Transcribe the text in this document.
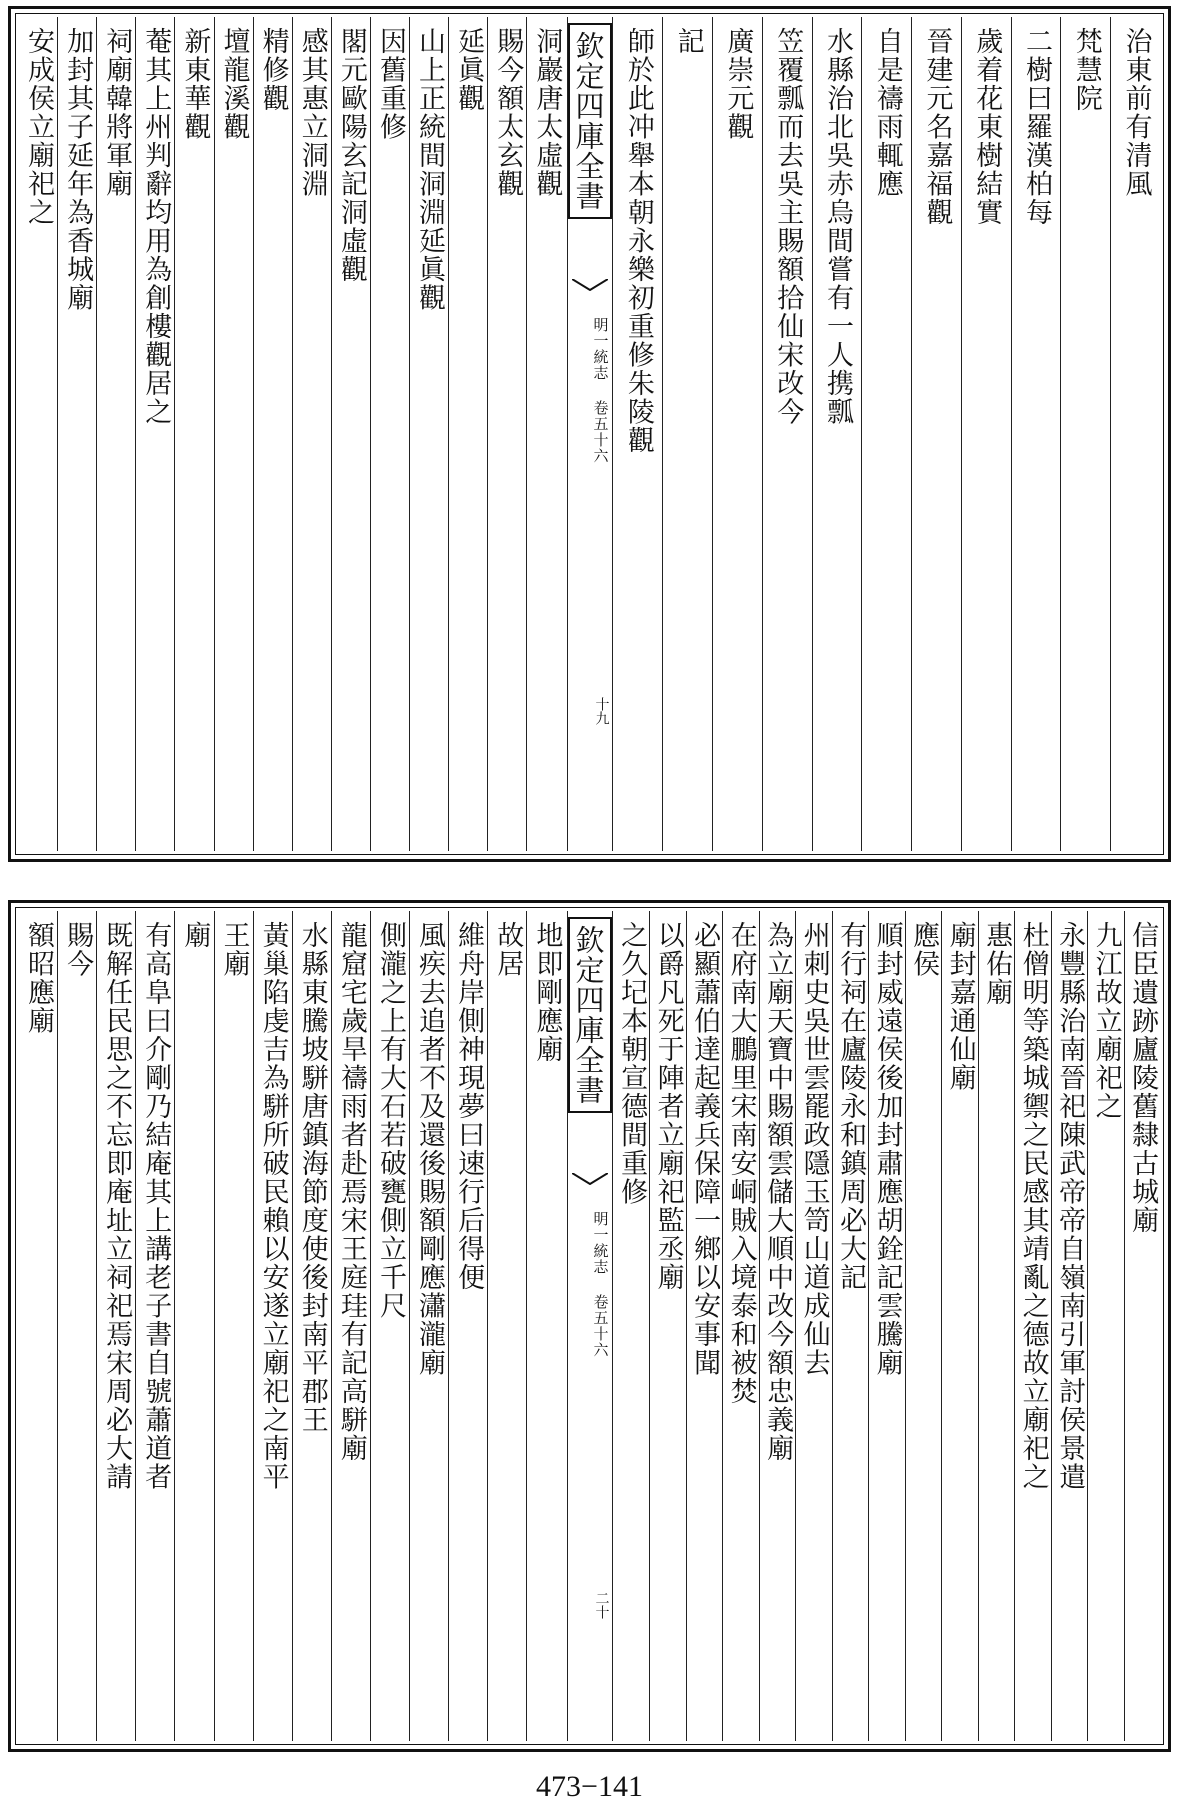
治東前有清風
梵慧院
二樹曰羅漢柏每
歲着花東樹結實
晉建元名嘉福觀
自是禱雨輒應
水縣治北吳赤烏間嘗有一人携瓢
笠覆瓢而去吳主賜額拾仙宋改今
廣崇元觀
記
師於此冲舉本朝永樂初重修朱陵觀
欽定四庫全書
明一統志 卷五十六
十九
洞巖唐太虛觀
賜今額太玄觀
延眞觀
山上正統間洞淵延眞觀
因舊重修
閣元歐陽玄記洞虛觀
感其惠立洞淵
精修觀
壇龍溪觀
新東華觀
菴其上州判辭均用為創樓觀居之
祠廟韓將軍廟
加封其子延年為香城廟
安成侯立廟祀之
信臣遺跡廬陵舊隸古城廟
九江故立廟祀之
永豐縣治南晉祀陳武帝帝自嶺南引軍討侯景遣
杜僧明等築城禦之民感其靖亂之德故立廟祀之
惠佑廟
廟封嘉通仙廟
應侯
順封威遠侯後加封肅應胡銓記雲騰廟
有行祠在廬陵永和鎮周必大記
州刺史吳世雲罷政隱玉笥山道成仙去
為立廟天寶中賜額雲儲大順中改今額忠義廟
在府南大鵬里宋南安峒賊入境泰和被焚
必顯蕭伯達起義兵保障一鄉以安事聞
以爵凡死于陣者立廟祀監丞廟
之久圮本朝宣德間重修
欽定四庫全書
明一統志 卷五十六
二十
地即剛應廟
故居
維舟岸側神現夢曰速行后得便
風疾去追者不及還後賜額剛應瀟瀧廟
側瀧之上有大石若破甕側立千尺
龍窟宅歲旱禱雨者赴焉宋王庭珪有記高駢廟
水縣東騰坡駢唐鎮海節度使後封南平郡王
黃巢陷虔吉為駢所破民賴以安遂立廟祀之南平
王廟
廟
有高阜曰介剛乃結庵其上講老子書自號蕭道者
既解任民思之不忘即庵址立祠祀焉宋周必大請
賜今
額昭應廟
473−141
